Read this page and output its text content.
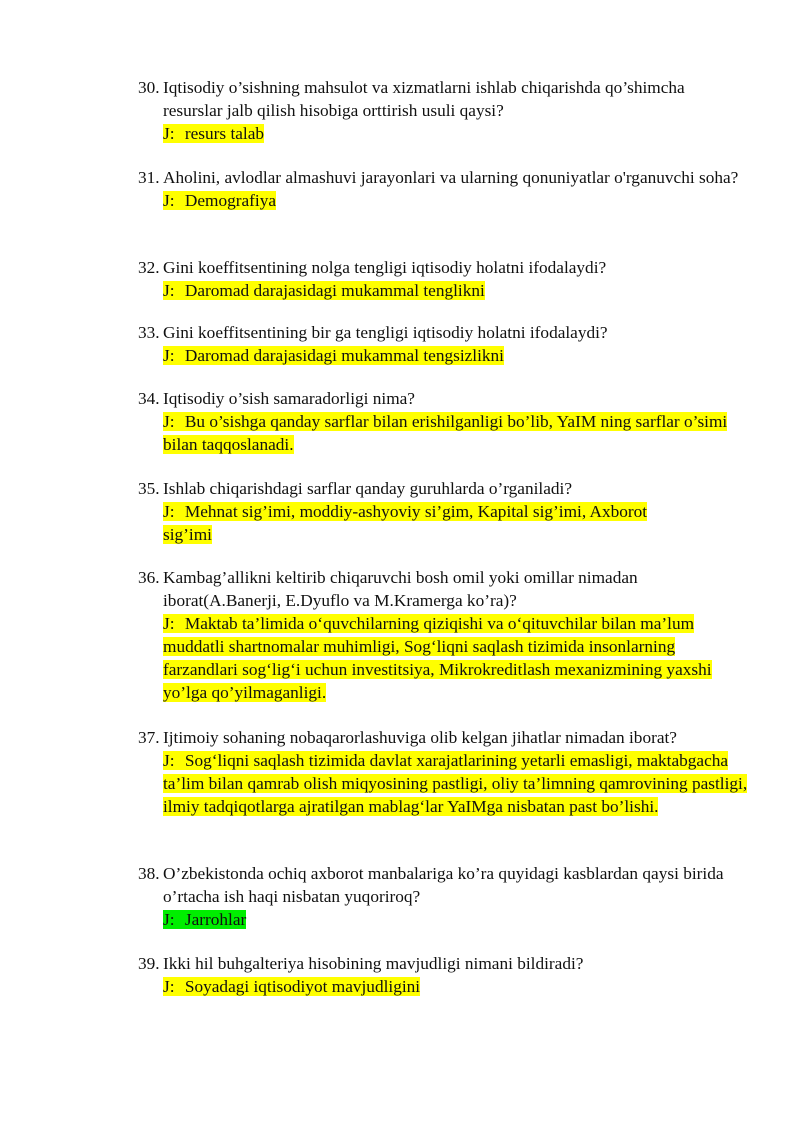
30. Iqtisodiy o’sishning mahsulot va xizmatlarni ishlab chiqarishda qo’shimcha resurslar jalb qilish hisobiga orttirish usuli qaysi?
J: resurs talab
31. Aholini, avlodlar almashuvi jarayonlari va ularning qonuniyatlar o'rganuvchi soha?
J: Demografiya
32. Gini koeffitsentining nolga tengligi iqtisodiy holatni ifodalaydi?
J: Daromad darajasidagi mukammal tenglikni
33. Gini koeffitsentining bir ga tengligi iqtisodiy holatni ifodalaydi?
J: Daromad darajasidagi mukammal tengsizlikni
34. Iqtisodiy o’sish samaradorligi nima?
J: Bu o’sishga qanday sarflar bilan erishilganligi bo’lib, YaIM ning sarflar o’simi bilan taqqoslanadi.
35. Ishlab chiqarishdagi sarflar qanday guruhlarda o’rganiladi?
J: Mehnat sig’imi, moddiy-ashyoviy si’gim, Kapital sig’imi, Axborot sig’imi
36. Kambag’allikni keltirib chiqaruvchi bosh omil yoki omillar nimadan iborat(A.Banerji, E.Dyuflo va M.Kramerga ko’ra)?
J: Maktab ta’limida o‘quvchilarning qiziqishi va o‘qituvchilar bilan ma’lum muddatli shartnomalar muhimligi, Sog‘liqni saqlash tizimida insonlarning farzandlari sog‘lig‘i uchun investitsiya, Mikrokreditlash mexanizmining yaxshi yo’lga qo’yilmaganligi.
37. Ijtimoiy sohaning nobaqarorlashuviga olib kelgan jihatlar nimadan iborat?
J: Sog‘liqni saqlash tizimida davlat xarajatlarining yetarli emasligi, maktabgacha ta’lim bilan qamrab olish miqyosining pastligi, oliy ta’limning qamrovining pastligi, ilmiy tadqiqotlarga ajratilgan mablag‘lar YaIMga nisbatan past bo’lishi.
38. O’zbekistonda ochiq axborot manbalariga ko’ra quyidagi kasblardan qaysi birida o’rtacha ish haqi nisbatan yuqoriroq?
J: Jarrohlar
39. Ikki hil buhgalteriya hisobining mavjudligi nimani bildiradi?
J: Soyadagi iqtisodiyot mavjudligini
